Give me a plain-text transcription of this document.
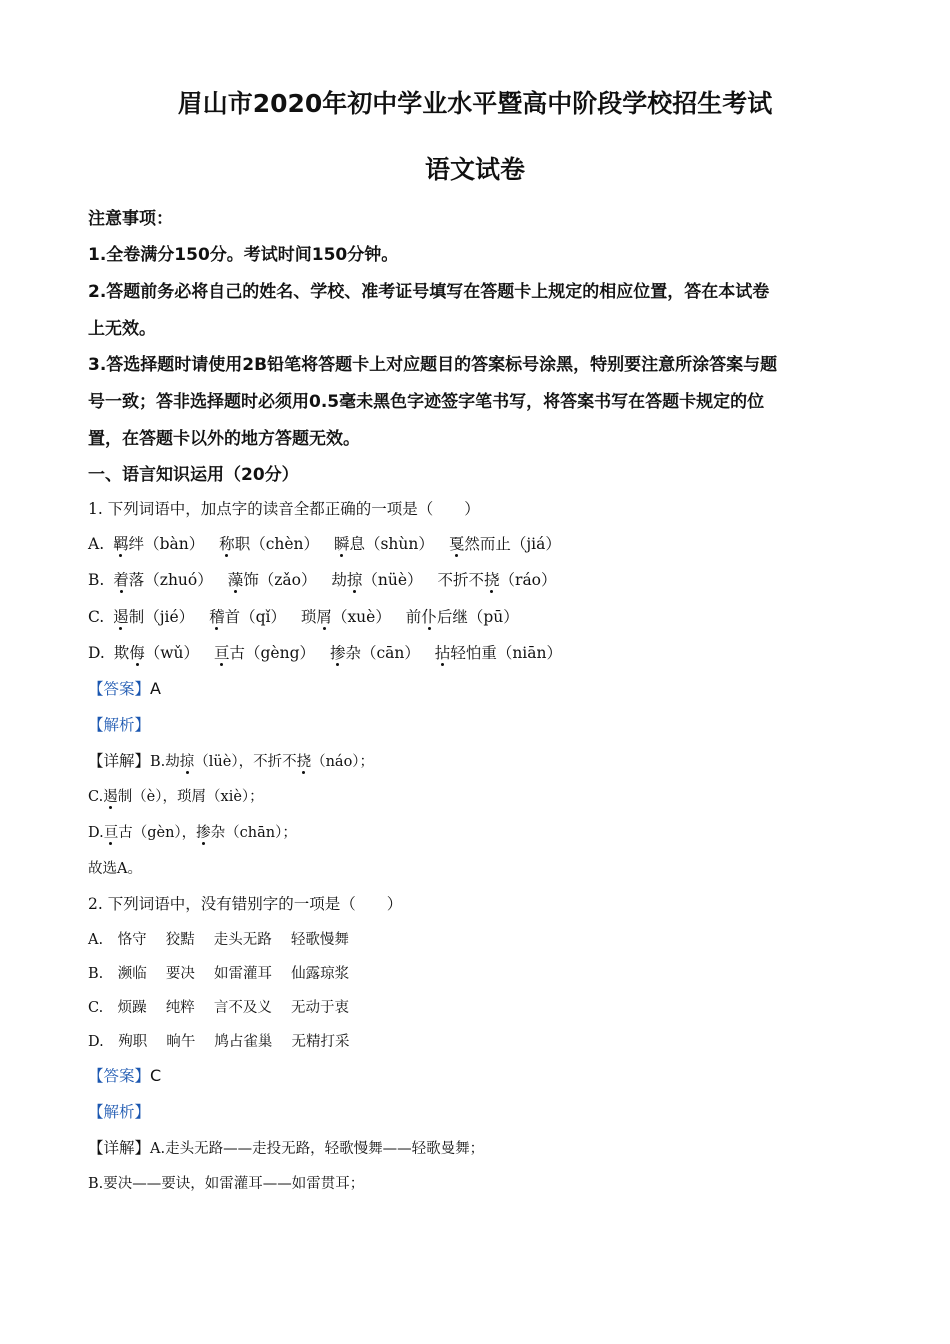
眉山市2020年初中学业水平暨高中阶段学校招生考试
语文试卷
注意事项：
1.全卷满分150分。考试时间150分钟。
2.答题前务必将自己的姓名、学校、准考证号填写在答题卡上规定的相应位置，答在本试卷
上无效。
3.答选择题时请使用2B铅笔将答题卡上对应题目的答案标号涂黑，特别要注意所涂答案与题
号一致；答非选择题时必须用0.5毫未黑色字迹签字笔书写，将答案书写在答题卡规定的位
置，在答题卡以外的地方答题无效。
一、语言知识运用（20分）
1. 下列词语中，加点字的读音全都正确的一项是（　　）
A. 羁绊（bàn） 称职（chèn） 瞬息（shùn） 戛然而止（jiá）
B. 着落（zhuó） 藻饰（zǎo） 劫掠（nüè） 不折不挠（ráo）
C. 遏制（jié） 稽首（qǐ） 琐屑（xuè） 前仆后继（pū）
D. 欺侮（wǔ） 亘古（gèng） 掺杂（cān） 拈轻怕重（niān）
【答案】A
【解析】
【详解】B.劫掠（lüè），不折不挠（náo）；
C.遏制（è），琐屑（xiè）；
D.亘古（gèn），掺杂（chān）；
故选A。
2. 下列词语中，没有错别字的一项是（　　）
A.　恪守　 狡黠　 走头无路　 轻歌慢舞
B.　濒临　 要决　 如雷灌耳　 仙露琼浆
C.　烦躁　 纯粹　 言不及义　 无动于衷
D.　殉职　 晌午　 鸠占雀巢　 无精打采
【答案】C
【解析】
【详解】A.走头无路——走投无路，轻歌慢舞——轻歌曼舞；
B.要决——要诀，如雷灌耳——如雷贯耳；
